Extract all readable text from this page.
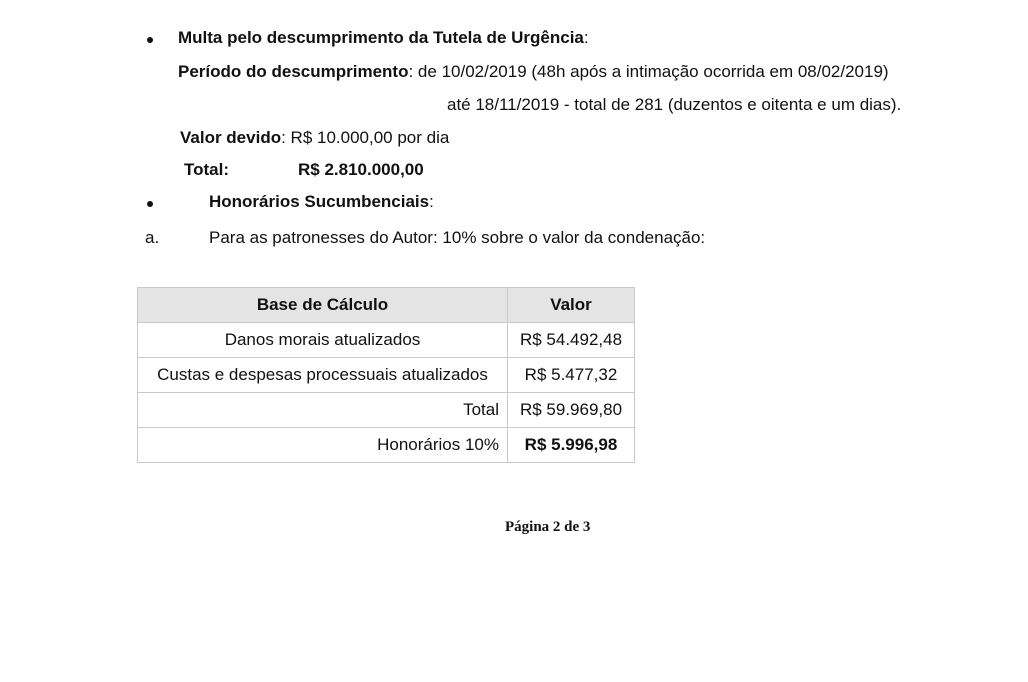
Multa pelo descumprimento da Tutela de Urgência:
Período do descumprimento: de 10/02/2019 (48h após a intimação ocorrida em 08/02/2019)
até 18/11/2019 - total de 281 (duzentos e oitenta e um dias).
Valor devido: R$ 10.000,00 por dia
Total:	R$ 2.810.000,00
Honorários Sucumbenciais:
a.	Para as patronesses do Autor: 10% sobre o valor da condenação:
Base de Cálculo	Valor
Danos morais atualizados	R$ 54.492,48
Custas e despesas processuais atualizados	R$ 5.477,32
Total	R$ 59.969,80
Honorários 10%	R$ 5.996,98
Página 2 de 3
